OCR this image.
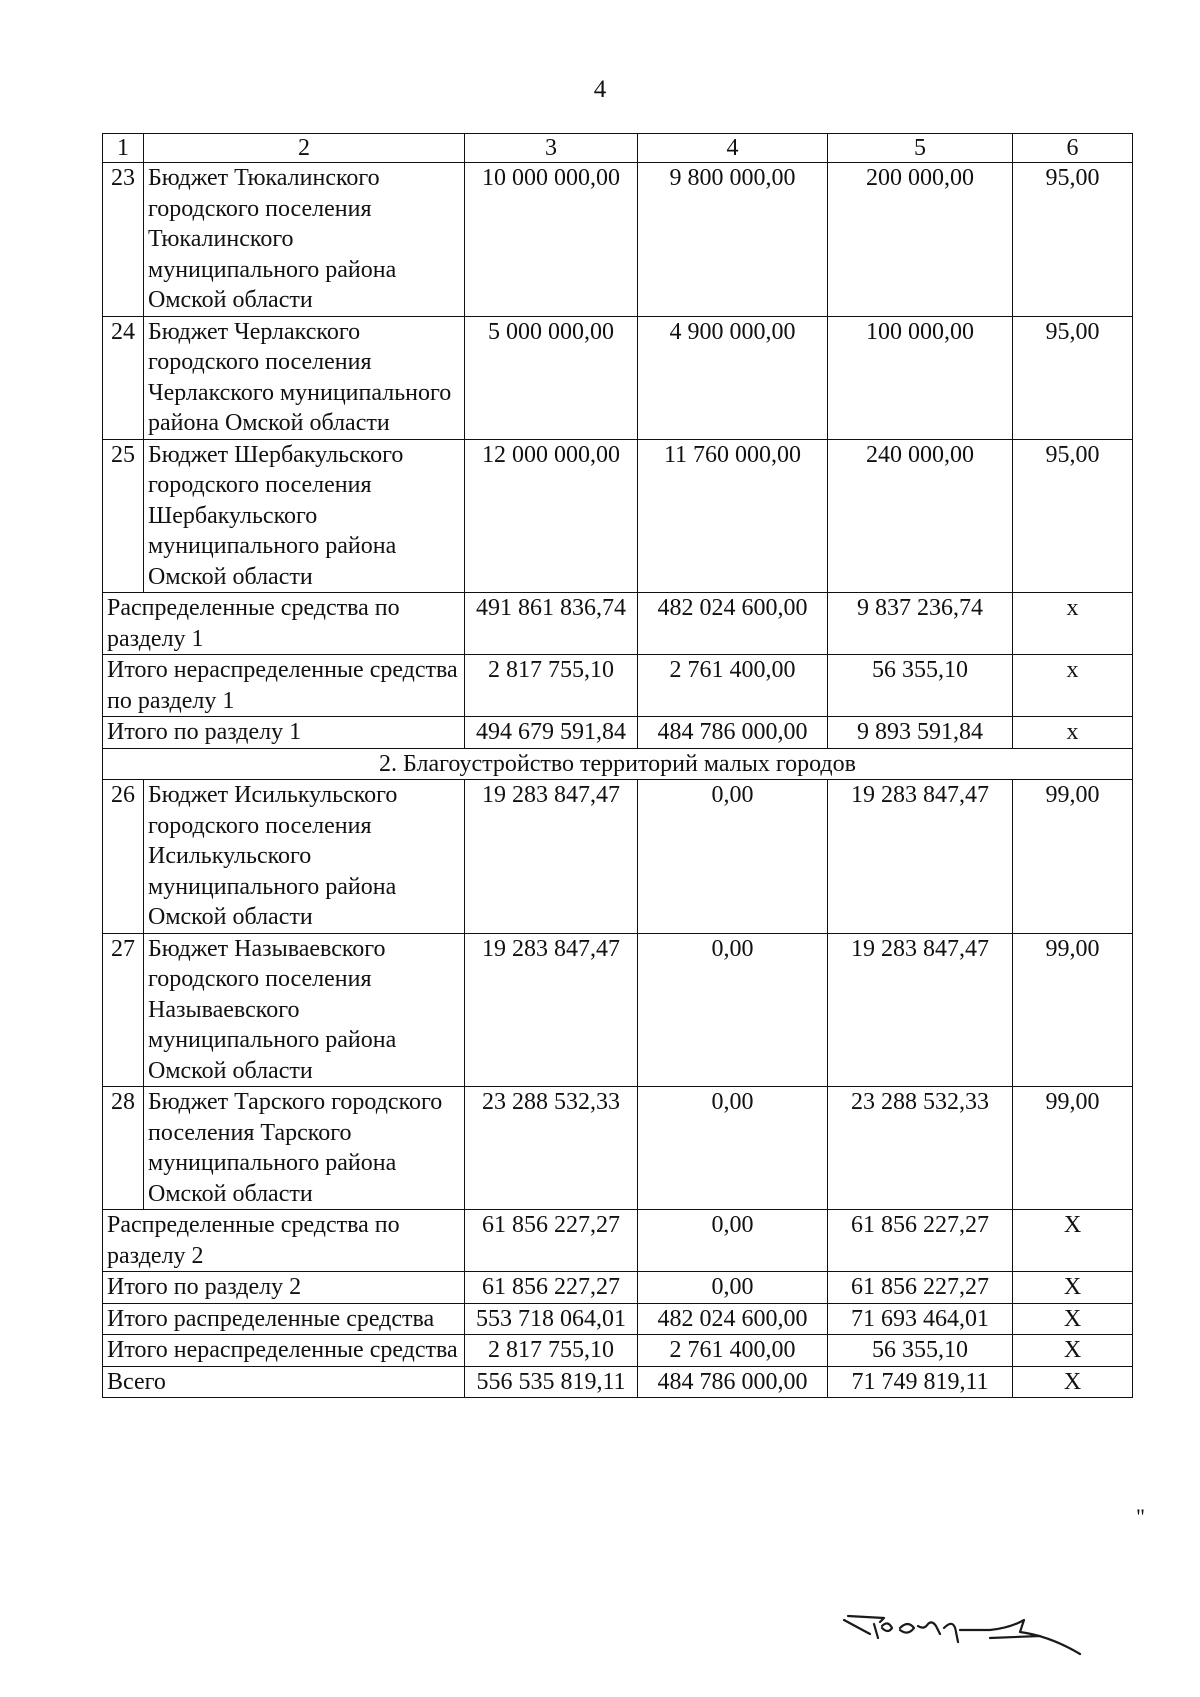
4
1	2	3	4	5	6
23	Бюджет Тюкалинского городского поселения Тюкалинского муниципального района Омской области	10 000 000,00	9 800 000,00	200 000,00	95,00
24	Бюджет Черлакского городского поселения Черлакского муниципального района Омской области	5 000 000,00	4 900 000,00	100 000,00	95,00
25	Бюджет Шербакульского городского поселения Шербакульского муниципального района Омской области	12 000 000,00	11 760 000,00	240 000,00	95,00
Распределенные средства по разделу 1		491 861 836,74	482 024 600,00	9 837 236,74	х
Итого нераспределенные средства по разделу 1		2 817 755,10	2 761 400,00	56 355,10	х
Итого по разделу 1		494 679 591,84	484 786 000,00	9 893 591,84	х
2. Благоустройство территорий малых городов					
26	Бюджет Исилькульского городского поселения Исилькульского муниципального района Омской области	19 283 847,47	0,00	19 283 847,47	99,00
27	Бюджет Называевского городского поселения Называевского муниципального района Омской области	19 283 847,47	0,00	19 283 847,47	99,00
28	Бюджет Тарского городского поселения Тарского муниципального района Омской области	23 288 532,33	0,00	23 288 532,33	99,00
Распределенные средства по разделу 2		61 856 227,27	0,00	61 856 227,27	Х
Итого по разделу 2		61 856 227,27	0,00	61 856 227,27	Х
Итого распределенные средства		553 718 064,01	482 024 600,00	71 693 464,01	Х
Итого нераспределенные средства		2 817 755,10	2 761 400,00	56 355,10	Х
Всего		556 535 819,11	484 786 000,00	71 749 819,11	Х
"
